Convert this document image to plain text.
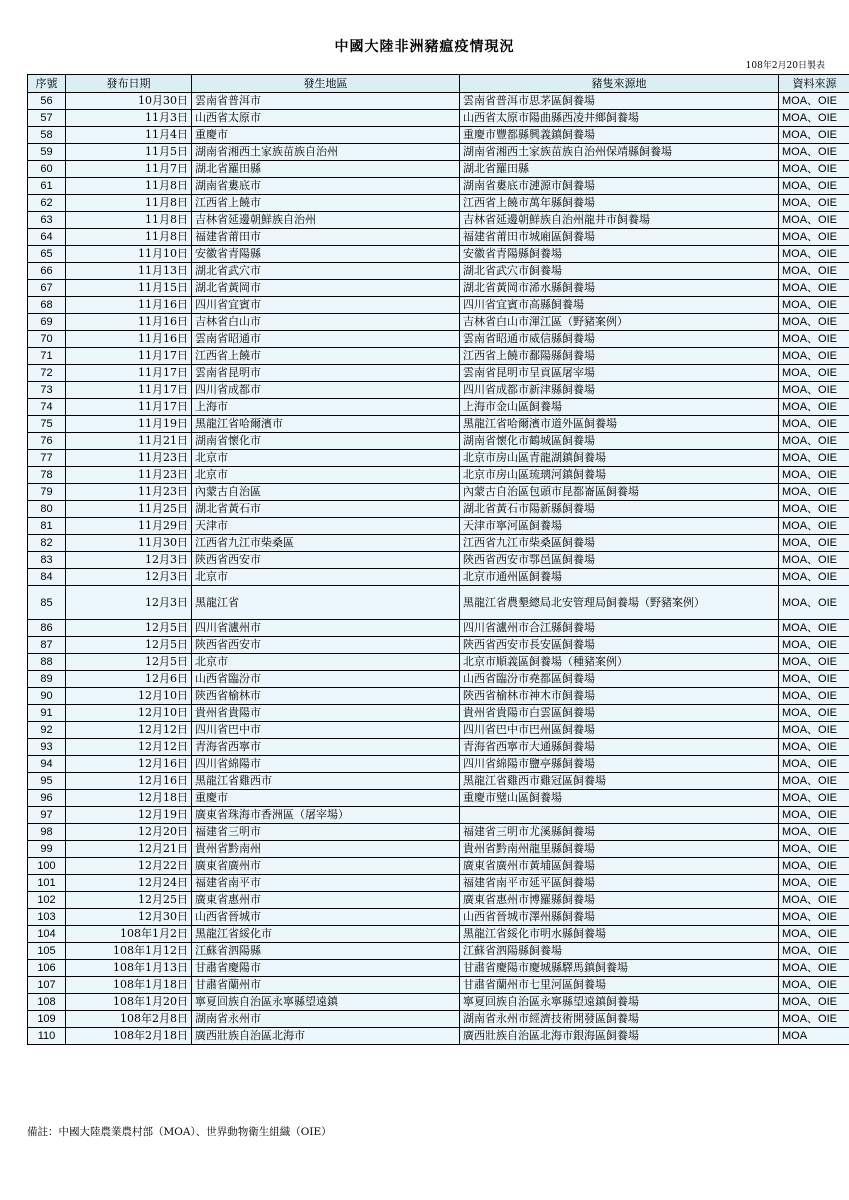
中國大陸非洲豬瘟疫情現況
108年2月20日製表
序號	發布日期	發生地區	豬隻來源地	資料來源
56	10月30日	雲南省普洱市	雲南省普洱市思茅區飼養場	MOA、OIE
57	11月3日	山西省太原市	山西省太原市陽曲縣西凌井鄉飼養場	MOA、OIE
58	11月4日	重慶市	重慶市豐都縣興義鎮飼養場	MOA、OIE
59	11月5日	湖南省湘西土家族苗族自治州	湖南省湘西土家族苗族自治州保靖縣飼養場	MOA、OIE
60	11月7日	湖北省羅田縣	湖北省羅田縣	MOA、OIE
61	11月8日	湖南省婁底市	湖南省婁底市漣源市飼養場	MOA、OIE
62	11月8日	江西省上饒市	江西省上饒市萬年縣飼養場	MOA、OIE
63	11月8日	吉林省延邊朝鮮族自治州	吉林省延邊朝鮮族自治州龍井市飼養場	MOA、OIE
64	11月8日	福建省莆田市	福建省莆田市城廂區飼養場	MOA、OIE
65	11月10日	安徽省青陽縣	安徽省青陽縣飼養場	MOA、OIE
66	11月13日	湖北省武穴市	湖北省武穴市飼養場	MOA、OIE
67	11月15日	湖北省黃岡市	湖北省黃岡市浠水縣飼養場	MOA、OIE
68	11月16日	四川省宜賓市	四川省宜賓市高縣飼養場	MOA、OIE
69	11月16日	吉林省白山市	吉林省白山市渾江區（野豬案例）	MOA、OIE
70	11月16日	雲南省昭通市	雲南省昭通市威信縣飼養場	MOA、OIE
71	11月17日	江西省上饒市	江西省上饒市鄱陽縣飼養場	MOA、OIE
72	11月17日	雲南省昆明市	雲南省昆明市呈貢區屠宰場	MOA、OIE
73	11月17日	四川省成都市	四川省成都市新津縣飼養場	MOA、OIE
74	11月17日	上海市	上海市金山區飼養場	MOA、OIE
75	11月19日	黑龍江省哈爾濱市	黑龍江省哈爾濱市道外區飼養場	MOA、OIE
76	11月21日	湖南省懷化市	湖南省懷化市鶴城區飼養場	MOA、OIE
77	11月23日	北京市	北京市房山區青龍湖鎮飼養場	MOA、OIE
78	11月23日	北京市	北京市房山區琉璃河鎮飼養場	MOA、OIE
79	11月23日	內蒙古自治區	內蒙古自治區包頭市昆都崙區飼養場	MOA、OIE
80	11月25日	湖北省黃石市	湖北省黃石市陽新縣飼養場	MOA、OIE
81	11月29日	天津市	天津市寧河區飼養場	MOA、OIE
82	11月30日	江西省九江市柴桑區	江西省九江市柴桑區飼養場	MOA、OIE
83	12月3日	陝西省西安市	陝西省西安市鄠邑區飼養場	MOA、OIE
84	12月3日	北京市	北京市通州區飼養場	MOA、OIE
85	12月3日	黑龍江省	黑龍江省農墾總局北安管理局飼養場（野豬案例）	MOA、OIE
86	12月5日	四川省瀘州市	四川省瀘州市合江縣飼養場	MOA、OIE
87	12月5日	陝西省西安市	陝西省西安市長安區飼養場	MOA、OIE
88	12月5日	北京市	北京市順義區飼養場（種豬案例）	MOA、OIE
89	12月6日	山西省臨汾市	山西省臨汾市堯都區飼養場	MOA、OIE
90	12月10日	陝西省榆林市	陝西省榆林市神木市飼養場	MOA、OIE
91	12月10日	貴州省貴陽市	貴州省貴陽市白雲區飼養場	MOA、OIE
92	12月12日	四川省巴中市	四川省巴中市巴州區飼養場	MOA、OIE
93	12月12日	青海省西寧市	青海省西寧市大通縣飼養場	MOA、OIE
94	12月16日	四川省綿陽市	四川省綿陽市鹽亭縣飼養場	MOA、OIE
95	12月16日	黑龍江省雞西市	黑龍江省雞西市雞冠區飼養場	MOA、OIE
96	12月18日	重慶市	重慶市璧山區飼養場	MOA、OIE
97	12月19日	廣東省珠海市香洲區（屠宰場）		MOA、OIE
98	12月20日	福建省三明市	福建省三明市尤溪縣飼養場	MOA、OIE
99	12月21日	貴州省黔南州	貴州省黔南州龍里縣飼養場	MOA、OIE
100	12月22日	廣東省廣州市	廣東省廣州市黃埔區飼養場	MOA、OIE
101	12月24日	福建省南平市	福建省南平市延平區飼養場	MOA、OIE
102	12月25日	廣東省惠州市	廣東省惠州市博羅縣飼養場	MOA、OIE
103	12月30日	山西省晉城市	山西省晉城市澤州縣飼養場	MOA、OIE
104	108年1月2日	黑龍江省綏化市	黑龍江省綏化市明水縣飼養場	MOA、OIE
105	108年1月12日	江蘇省泗陽縣	江蘇省泗陽縣飼養場	MOA、OIE
106	108年1月13日	甘肅省慶陽市	甘肅省慶陽市慶城縣驛馬鎮飼養場	MOA、OIE
107	108年1月18日	甘肅省蘭州市	甘肅省蘭州市七里河區飼養場	MOA、OIE
108	108年1月20日	寧夏回族自治區永寧縣望遠鎮	寧夏回族自治區永寧縣望遠鎮飼養場	MOA、OIE
109	108年2月8日	湖南省永州市	湖南省永州市經濟技術開發區飼養場	MOA、OIE
110	108年2月18日	廣西壯族自治區北海市	廣西壯族自治區北海市銀海區飼養場	MOA
備註：中國大陸農業農村部（MOA）、世界動物衛生組織（OIE）
